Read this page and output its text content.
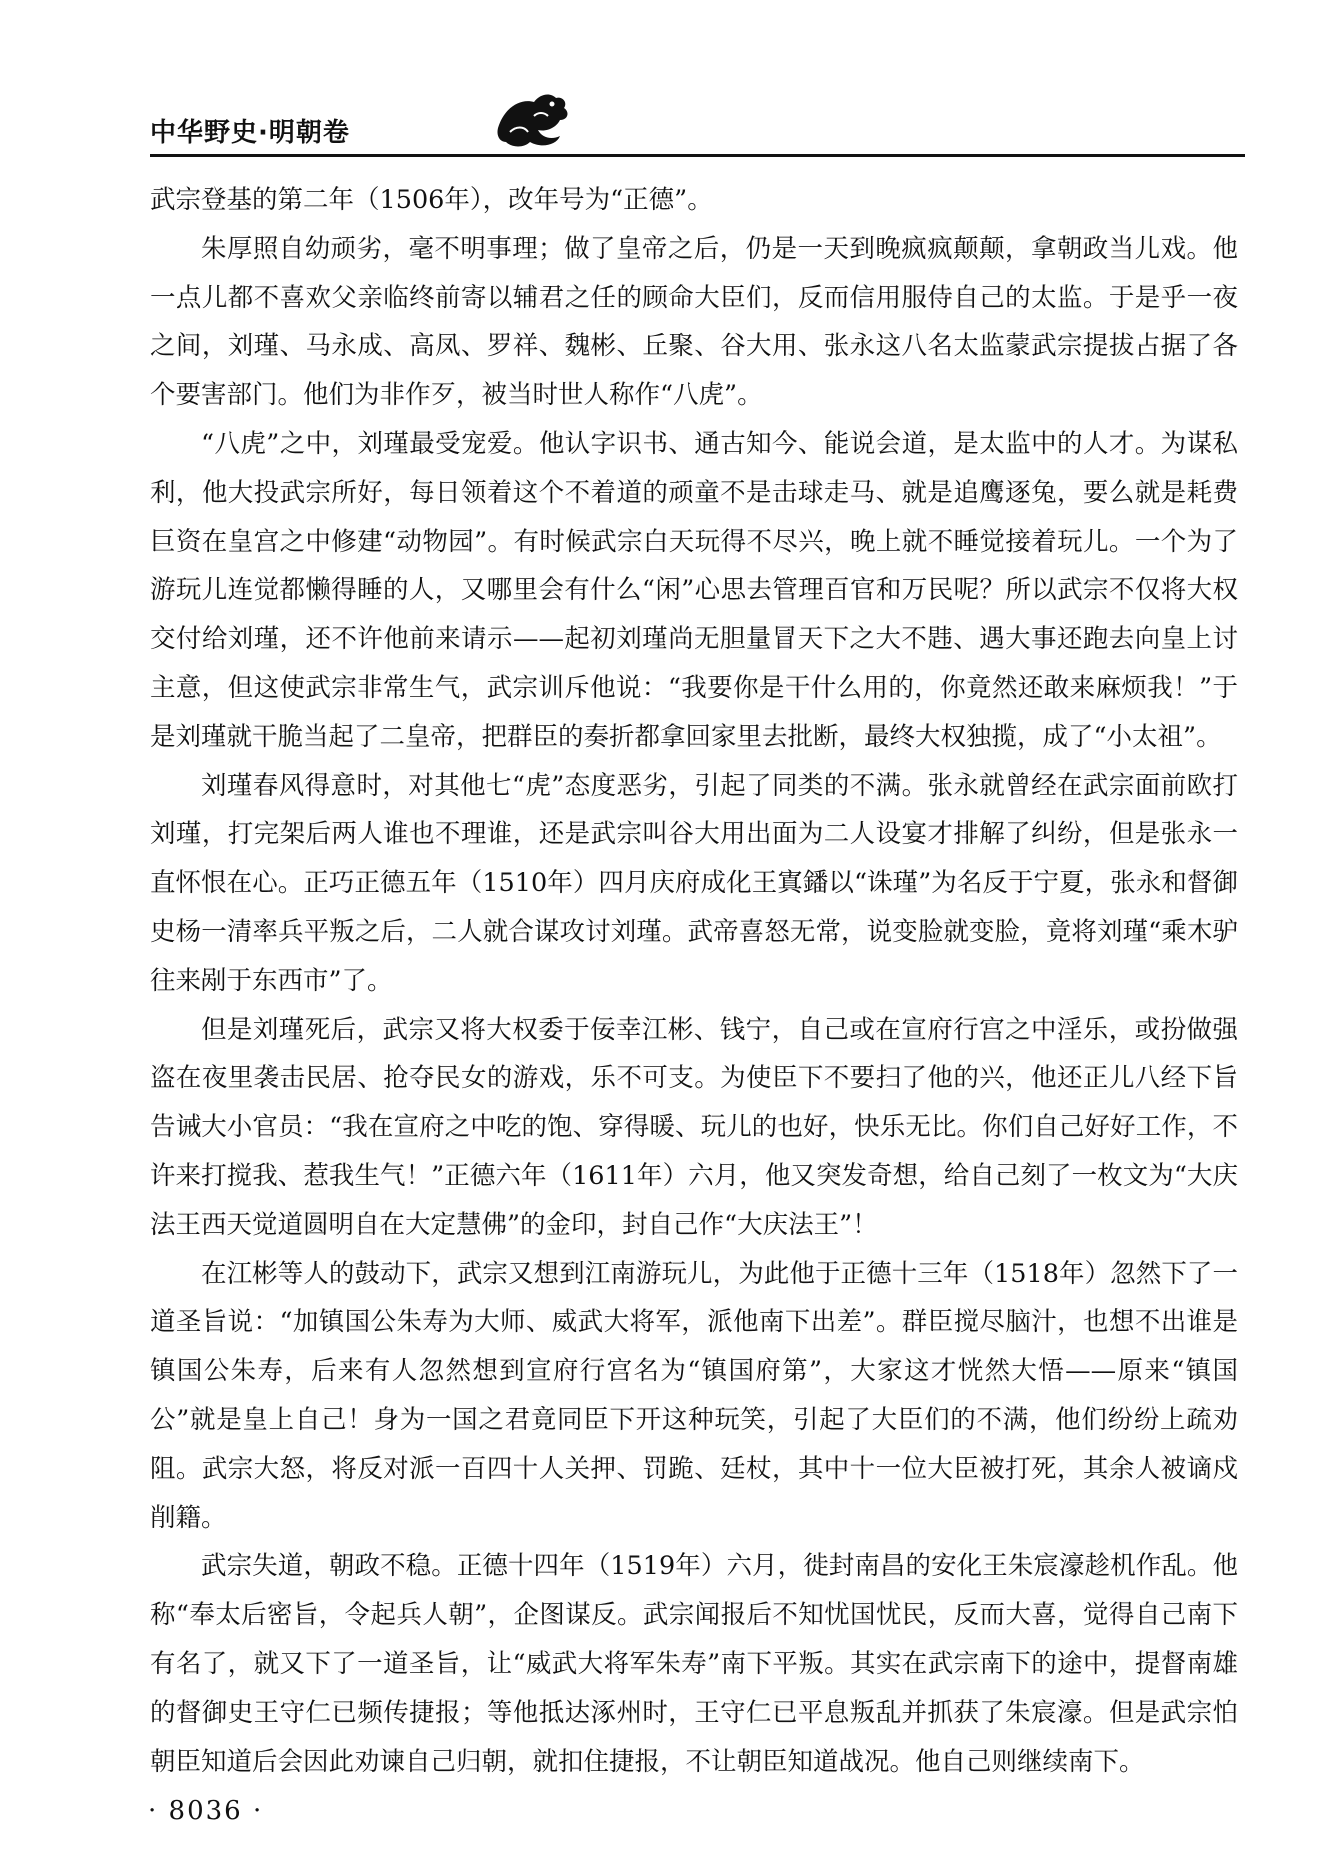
中华野史·明朝卷

武宗登基的第二年（1506年），改年号为“正德”。

朱厚照自幼顽劣，毫不明事理；做了皇帝之后，仍是一天到晚疯疯颠颠，拿朝政当儿戏。他一点儿都不喜欢父亲临终前寄以辅君之任的顾命大臣们，反而信用服侍自己的太监。于是乎一夜之间，刘瑾、马永成、高凤、罗祥、魏彬、丘聚、谷大用、张永这八名太监蒙武宗提拔占据了各个要害部门。他们为非作歹，被当时世人称作“八虎”。

“八虎”之中，刘瑾最受宠爱。他认字识书、通古知今、能说会道，是太监中的人才。为谋私利，他大投武宗所好，每日领着这个不着道的顽童不是击球走马、就是追鹰逐兔，要么就是耗费巨资在皇宫之中修建“动物园”。有时候武宗白天玩得不尽兴，晚上就不睡觉接着玩儿。一个为了游玩儿连觉都懒得睡的人，又哪里会有什么“闲”心思去管理百官和万民呢？所以武宗不仅将大权交付给刘瑾，还不许他前来请示——起初刘瑾尚无胆量冒天下之大不韪、遇大事还跑去向皇上讨主意，但这使武宗非常生气，武宗训斥他说：“我要你是干什么用的，你竟然还敢来麻烦我！”于是刘瑾就干脆当起了二皇帝，把群臣的奏折都拿回家里去批断，最终大权独揽，成了“小太祖”。

刘瑾春风得意时，对其他七“虎”态度恶劣，引起了同类的不满。张永就曾经在武宗面前欧打刘瑾，打完架后两人谁也不理谁，还是武宗叫谷大用出面为二人设宴才排解了纠纷，但是张永一直怀恨在心。正巧正德五年（1510年）四月庆府成化王寘鐇以“诛瑾”为名反于宁夏，张永和督御史杨一清率兵平叛之后，二人就合谋攻讨刘瑾。武帝喜怒无常，说变脸就变脸，竟将刘瑾“乘木驴往来剐于东西市”了。

但是刘瑾死后，武宗又将大权委于佞幸江彬、钱宁，自己或在宣府行宫之中淫乐，或扮做强盗在夜里袭击民居、抢夺民女的游戏，乐不可支。为使臣下不要扫了他的兴，他还正儿八经下旨告诫大小官员：“我在宣府之中吃的饱、穿得暖、玩儿的也好，快乐无比。你们自己好好工作，不许来打搅我、惹我生气！”正德六年（1611年）六月，他又突发奇想，给自己刻了一枚文为“大庆法王西天觉道圆明自在大定慧佛”的金印，封自己作“大庆法王”！

在江彬等人的鼓动下，武宗又想到江南游玩儿，为此他于正德十三年（1518年）忽然下了一道圣旨说：“加镇国公朱寿为大师、威武大将军，派他南下出差”。群臣搅尽脑汁，也想不出谁是镇国公朱寿，后来有人忽然想到宣府行宫名为“镇国府第”，大家这才恍然大悟——原来“镇国公”就是皇上自己！身为一国之君竟同臣下开这种玩笑，引起了大臣们的不满，他们纷纷上疏劝阻。武宗大怒，将反对派一百四十人关押、罚跪、廷杖，其中十一位大臣被打死，其余人被谪戍削籍。

武宗失道，朝政不稳。正德十四年（1519年）六月，徙封南昌的安化王朱宸濠趁机作乱。他称“奉太后密旨，令起兵人朝”，企图谋反。武宗闻报后不知忧国忧民，反而大喜，觉得自己南下有名了，就又下了一道圣旨，让“威武大将军朱寿”南下平叛。其实在武宗南下的途中，提督南雄的督御史王守仁已频传捷报；等他抵达涿州时，王守仁已平息叛乱并抓获了朱宸濠。但是武宗怕朝臣知道后会因此劝谏自己归朝，就扣住捷报，不让朝臣知道战况。他自己则继续南下。

· 8036 ·
